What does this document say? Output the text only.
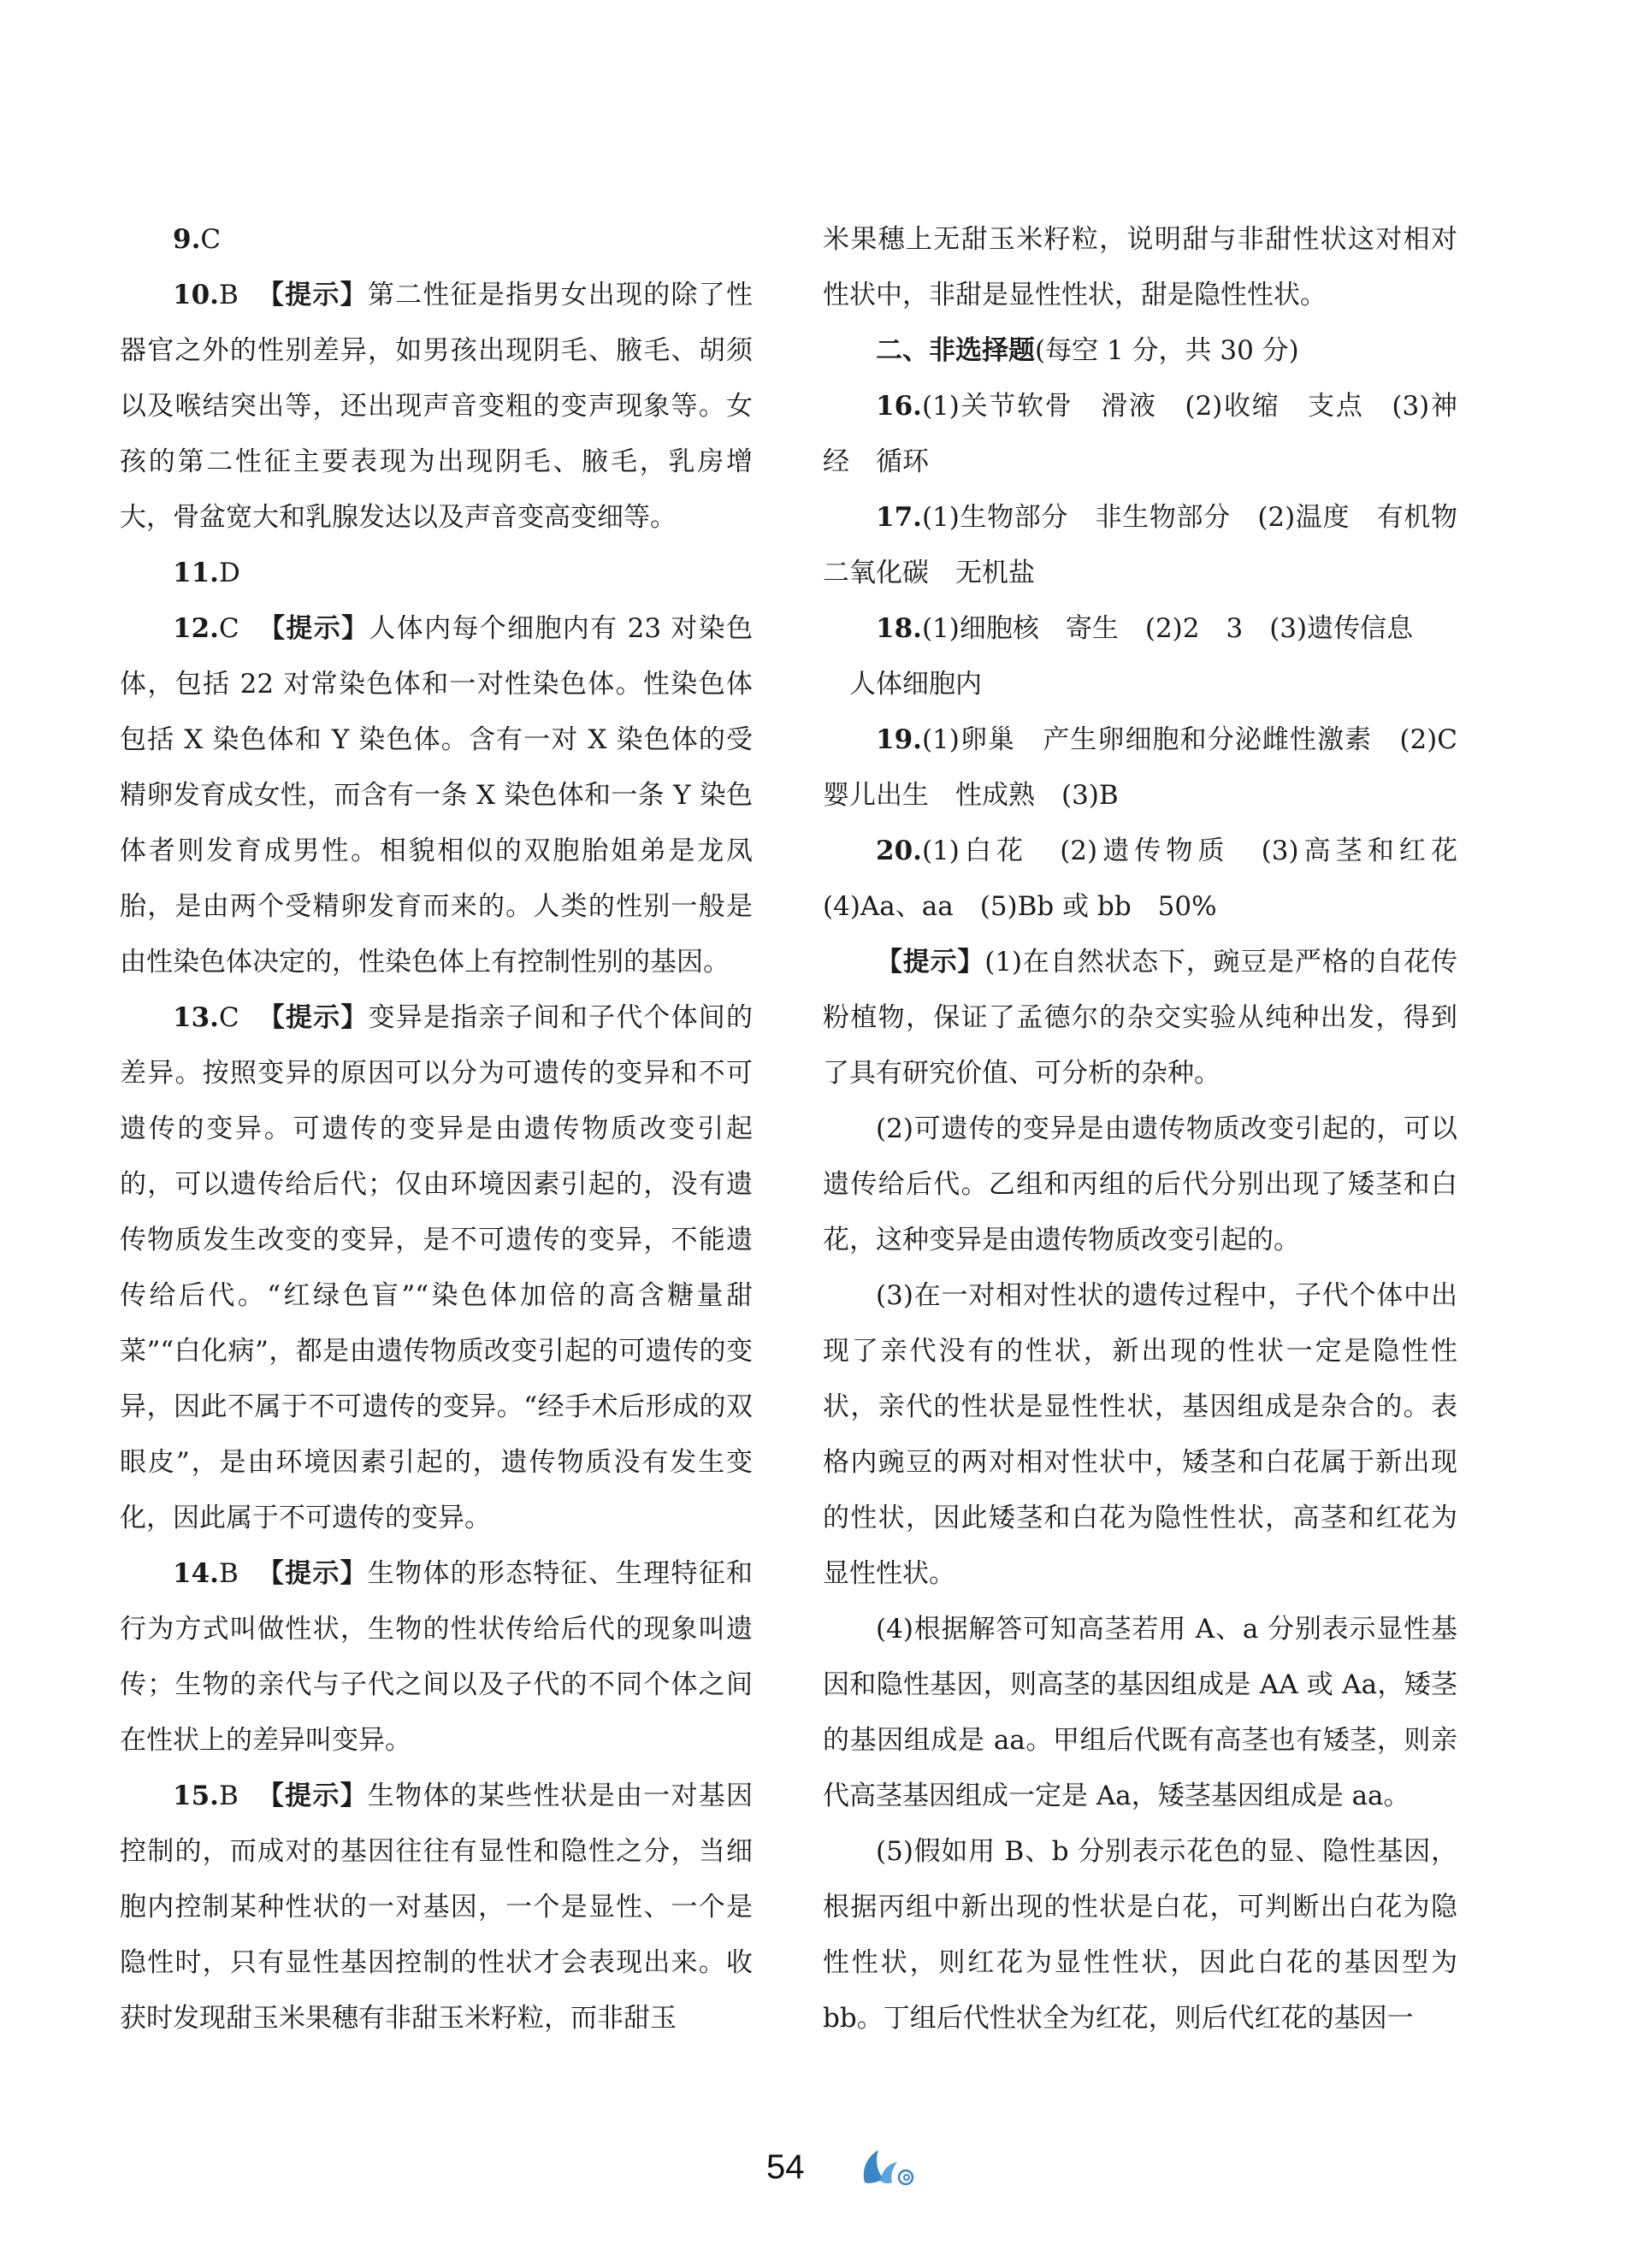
9.C

10.B 【提示】第二性征是指男女出现的除了性器官之外的性别差异，如男孩出现阴毛、腋毛、胡须以及喉结突出等，还出现声音变粗的变声现象等。女孩的第二性征主要表现为出现阴毛、腋毛，乳房增大，骨盆宽大和乳腺发达以及声音变高变细等。

11.D

12.C 【提示】人体内每个细胞内有 23 对染色体，包括 22 对常染色体和一对性染色体。性染色体包括 X 染色体和 Y 染色体。含有一对 X 染色体的受精卵发育成女性，而含有一条 X 染色体和一条 Y 染色体者则发育成男性。相貌相似的双胞胎姐弟是龙凤胎，是由两个受精卵发育而来的。人类的性别一般是由性染色体决定的，性染色体上有控制性别的基因。

13.C 【提示】变异是指亲子间和子代个体间的差异。按照变异的原因可以分为可遗传的变异和不可遗传的变异。可遗传的变异是由遗传物质改变引起的，可以遗传给后代；仅由环境因素引起的，没有遗传物质发生改变的变异，是不可遗传的变异，不能遗传给后代。“红绿色盲”“染色体加倍的高含糖量甜菜”“白化病”，都是由遗传物质改变引起的可遗传的变异，因此不属于不可遗传的变异。“经手术后形成的双眼皮”，是由环境因素引起的，遗传物质没有发生变化，因此属于不可遗传的变异。

14.B 【提示】生物体的形态特征、生理特征和行为方式叫做性状，生物的性状传给后代的现象叫遗传；生物的亲代与子代之间以及子代的不同个体之间在性状上的差异叫变异。

15.B 【提示】生物体的某些性状是由一对基因控制的，而成对的基因往往有显性和隐性之分，当细胞内控制某种性状的一对基因，一个是显性、一个是隐性时，只有显性基因控制的性状才会表现出来。收获时发现甜玉米果穗有非甜玉米籽粒，而非甜玉

米果穗上无甜玉米籽粒，说明甜与非甜性状这对相对性状中，非甜是显性性状，甜是隐性性状。

二、非选择题(每空 1 分，共 30 分)

16.(1)关节软骨　滑液　(2)收缩　支点　(3)神经　循环

17.(1)生物部分　非生物部分　(2)温度　有机物　二氧化碳　无机盐

18.(1)细胞核　寄生　(2)2　3　(3)遗传信息

人体细胞内

19.(1)卵巢　产生卵细胞和分泌雌性激素　(2)C　婴儿出生　性成熟　(3)B

20.(1)白花　(2)遗传物质　(3)高茎和红花　(4)Aa、aa　(5)Bb 或 bb　50%

【提示】(1)在自然状态下，豌豆是严格的自花传粉植物，保证了孟德尔的杂交实验从纯种出发，得到了具有研究价值、可分析的杂种。

(2)可遗传的变异是由遗传物质改变引起的，可以遗传给后代。乙组和丙组的后代分别出现了矮茎和白花，这种变异是由遗传物质改变引起的。

(3)在一对相对性状的遗传过程中，子代个体中出现了亲代没有的性状，新出现的性状一定是隐性性状，亲代的性状是显性性状，基因组成是杂合的。表格内豌豆的两对相对性状中，矮茎和白花属于新出现的性状，因此矮茎和白花为隐性性状，高茎和红花为显性性状。

(4)根据解答可知高茎若用 A、a 分别表示显性基因和隐性基因，则高茎的基因组成是 AA 或 Aa，矮茎的基因组成是 aa。甲组后代既有高茎也有矮茎，则亲代高茎基因组成一定是 Aa，矮茎基因组成是 aa。

(5)假如用 B、b 分别表示花色的显、隐性基因，根据丙组中新出现的性状是白花，可判断出白花为隐性性状，则红花为显性性状，因此白花的基因型为 bb。丁组后代性状全为红花，则后代红花的基因一

54
